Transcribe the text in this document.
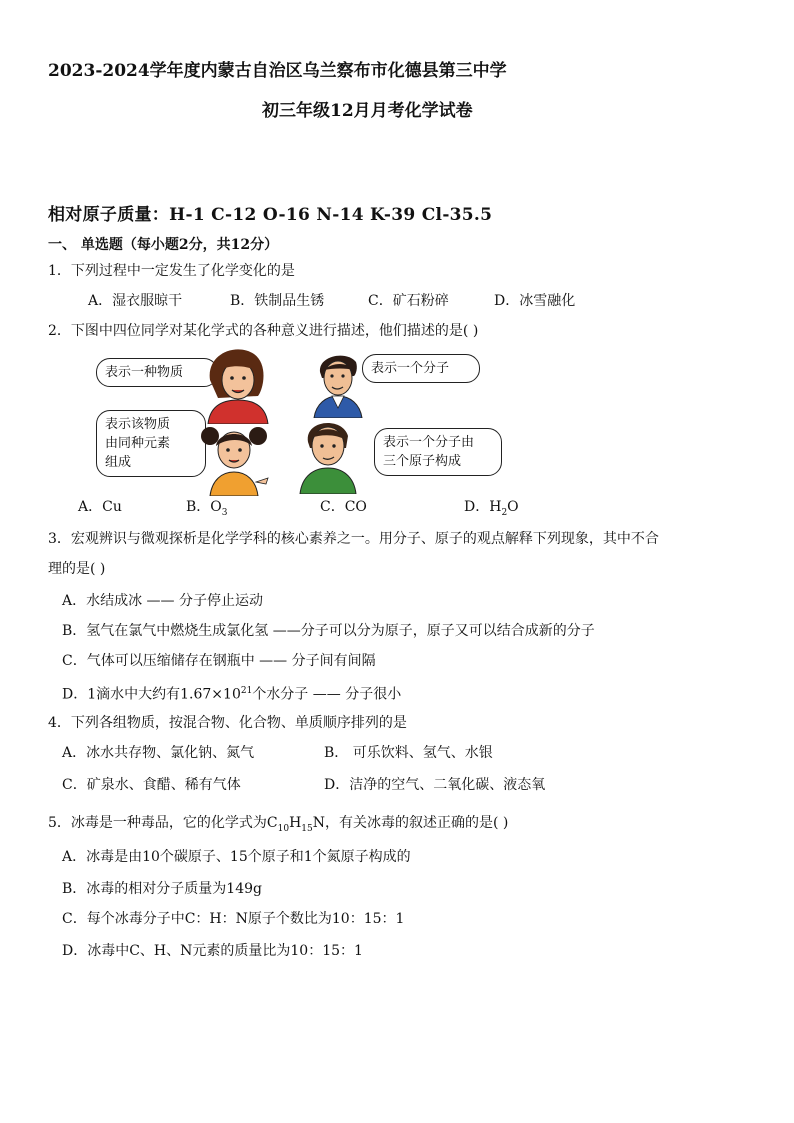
2023-2024学年度内蒙古自治区乌兰察布市化德县第三中学
初三年级12月月考化学试卷
相对原子质量：H-1 C-12 O-16 N-14 K-39 Cl-35.5
一、 单选题（每小题2分，共12分）
1．下列过程中一定发生了化学变化的是
A．湿衣服晾干	B．铁制品生锈	C．矿石粉碎	D．冰雪融化
2．下图中四位同学对某化学式的各种意义进行描述，他们描述的是( )
表示一种物质	表示一个分子
表示该物质
由同种元素
组成
表示一个分子由
三个原子构成
A．Cu	B．$O_3$	C．CO	D．$H_2O$
3．宏观辨识与微观探析是化学学科的核心素养之一。用分子、原子的观点解释下列现象，其中不合
理的是( )
A．水结成冰 —— 分子停止运动
B．氢气在氯气中燃烧生成氯化氢 ——分子可以分为原子，原子又可以结合成新的分子
C．气体可以压缩储存在钢瓶中 —— 分子间有间隔
D．1滴水中大约有$1.67\times 10^{21}$个水分子 —— 分子很小
4．下列各组物质，按混合物、化合物、单质顺序排列的是
A．冰水共存物、氯化钠、氮气	B． 可乐饮料、氢气、水银
C．矿泉水、食醋、稀有气体	D．洁净的空气、二氧化碳、液态氧
5．冰毒是一种毒品，它的化学式为$C_{10}H_{15}N$，有关冰毒的叙述正确的是( )
A．冰毒是由10个碳原子、15个原子和1个氮原子构成的
B．冰毒的相对分子质量为149g
C．每个冰毒分子中C：H：N原子个数比为10：15：1
D．冰毒中C、H、N元素的质量比为10：15：1
